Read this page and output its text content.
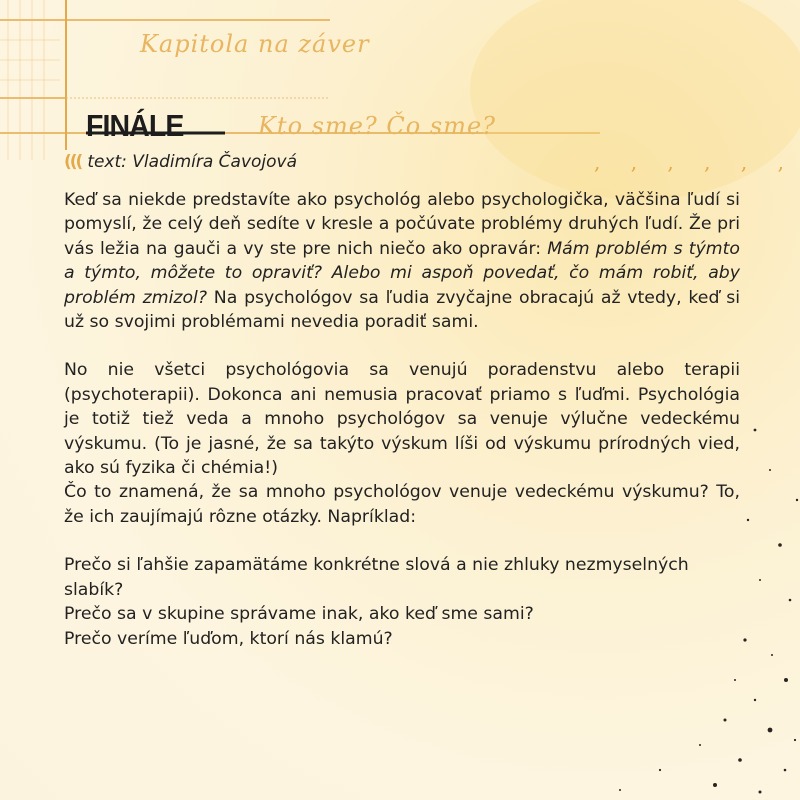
Kapitola na záver
FINÁLE	Kto sme? Čo sme?
((( text: Vladimíra Čavojová	, , , , , ,

Keď sa niekde predstavíte ako psychológ alebo psychologička, väčšina ľudí si pomyslí, že celý deň sedíte v kresle a počúvate problémy druhých ľudí. Že pri vás ležia na gauči a vy ste pre nich niečo ako opravár: Mám problém s týmto a týmto, môžete to opraviť? Alebo mi aspoň povedať, čo mám robiť, aby problém zmizol? Na psychológov sa ľudia zvyčajne obracajú až vtedy, keď si už so svojimi problémami nevedia poradiť sami.

No nie všetci psychológovia sa venujú poradenstvu alebo terapii (psychoterapii). Dokonca ani nemusia pracovať priamo s ľuďmi. Psychológia je totiž tiež veda a mnoho psychológov sa venuje výlučne vedeckému výskumu. (To je jasné, že sa takýto výskum líši od výskumu prírodných vied, ako sú fyzika či chémia!)

Čo to znamená, že sa mnoho psychológov venuje vedeckému výskumu? To, že ich zaujímajú rôzne otázky. Napríklad:

Prečo si ľahšie zapamätáme konkrétne slová a nie zhluky nezmyselných slabík?

Prečo sa v skupine správame inak, ako keď sme sami?

Prečo veríme ľuďom, ktorí nás klamú?
